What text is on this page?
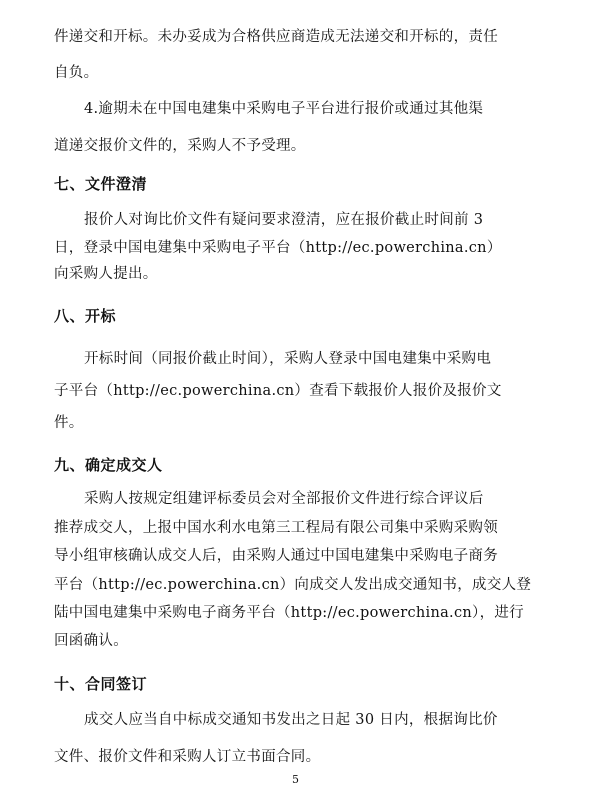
件递交和开标。未办妥成为合格供应商造成无法递交和开标的，责任
自负。
4.逾期未在中国电建集中采购电子平台进行报价或通过其他渠
道递交报价文件的，采购人不予受理。
七、文件澄清
报价人对询比价文件有疑问要求澄清，应在报价截止时间前 3
日，登录中国电建集中采购电子平台（http://ec.powerchina.cn）
向采购人提出。
八、开标
开标时间（同报价截止时间），采购人登录中国电建集中采购电
子平台（http://ec.powerchina.cn）查看下载报价人报价及报价文
件。
九、确定成交人
采购人按规定组建评标委员会对全部报价文件进行综合评议后
推荐成交人，上报中国水利水电第三工程局有限公司集中采购采购领
导小组审核确认成交人后，由采购人通过中国电建集中采购电子商务
平台（http://ec.powerchina.cn）向成交人发出成交通知书，成交人登
陆中国电建集中采购电子商务平台（http://ec.powerchina.cn），进行
回函确认。
十、合同签订
成交人应当自中标成交通知书发出之日起 30 日内，根据询比价
文件、报价文件和采购人订立书面合同。
5
